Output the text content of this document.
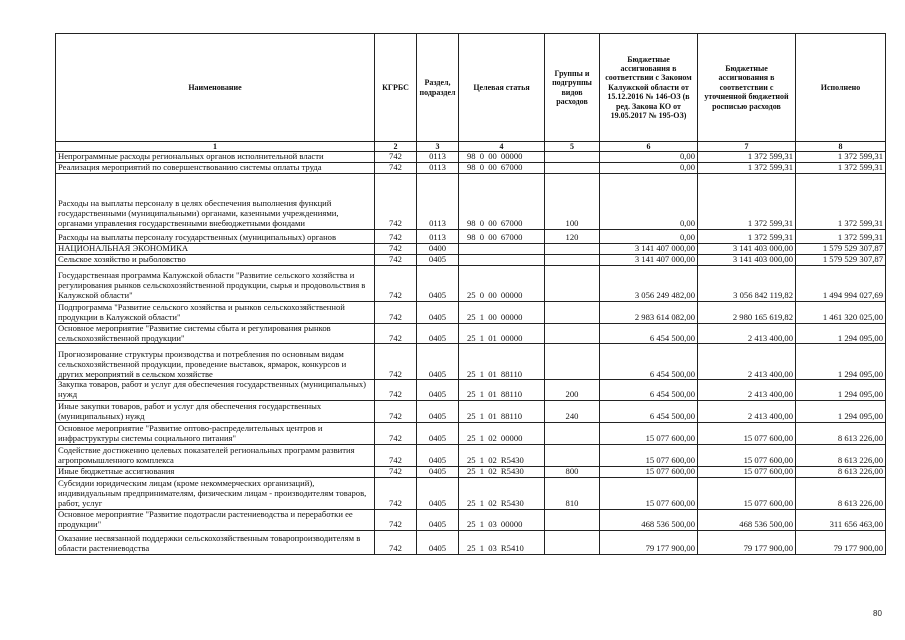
Наименование	КГРБС	Раздел, подраздел	Целевая статья	Группы и подгруппы видов расходов	Бюджетные ассигнования в соответствии с Законом Калужской области от 15.12.2016 № 146-ОЗ (в ред. Закона КО от 19.05.2017 № 195-ОЗ)	Бюджетные ассигнования в соответствии с уточненной бюджетной росписью расходов	Исполнено
1	2	3	4	5	6	7	8
Непрограммные расходы региональных органов исполнительной власти	742	0113	98 0 00 00000		0,00	1 372 599,31	1 372 599,31
Реализация мероприятий по совершенствованию системы оплаты труда	742	0113	98 0 00 67000		0,00	1 372 599,31	1 372 599,31
Расходы на выплаты персоналу в целях обеспечения выполнения функций государственными (муниципальными) органами, казенными учреждениями, органами управления государственными внебюджетными фондами	742	0113	98 0 00 67000	100	0,00	1 372 599,31	1 372 599,31
Расходы на выплаты персоналу государственных (муниципальных) органов	742	0113	98 0 00 67000	120	0,00	1 372 599,31	1 372 599,31
НАЦИОНАЛЬНАЯ ЭКОНОМИКА	742	0400			3 141 407 000,00	3 141 403 000,00	1 579 529 307,87
Сельское хозяйство и рыболовство	742	0405			3 141 407 000,00	3 141 403 000,00	1 579 529 307,87
Государственная программа Калужской области "Развитие сельского хозяйства и регулирования рынков сельскохозяйственной продукции, сырья и продовольствия в Калужской области"	742	0405	25 0 00 00000		3 056 249 482,00	3 056 842 119,82	1 494 994 027,69
Подпрограмма "Развитие сельского хозяйства и рынков сельскохозяйственной продукции в Калужской области"	742	0405	25 1 00 00000		2 983 614 082,00	2 980 165 619,82	1 461 320 025,00
Основное мероприятие "Развитие системы сбыта и регулирования рынков сельскохозяйственной продукции"	742	0405	25 1 01 00000		6 454 500,00	2 413 400,00	1 294 095,00
Прогнозирование структуры производства и потребления по основным видам сельскохозяйственной продукции, проведение выставок, ярмарок, конкурсов и других мероприятий в сельском хозяйстве	742	0405	25 1 01 88110		6 454 500,00	2 413 400,00	1 294 095,00
Закупка товаров, работ и услуг для обеспечения государственных (муниципальных) нужд	742	0405	25 1 01 88110	200	6 454 500,00	2 413 400,00	1 294 095,00
Иные закупки товаров, работ и услуг для обеспечения государственных (муниципальных) нужд	742	0405	25 1 01 88110	240	6 454 500,00	2 413 400,00	1 294 095,00
Основное мероприятие "Развитие оптово-распределительных центров и инфраструктуры системы социального питания"	742	0405	25 1 02 00000		15 077 600,00	15 077 600,00	8 613 226,00
Содействие достижению целевых показателей региональных программ развития агропромышленного комплекса	742	0405	25 1 02 R5430		15 077 600,00	15 077 600,00	8 613 226,00
Иные бюджетные ассигнования	742	0405	25 1 02 R5430	800	15 077 600,00	15 077 600,00	8 613 226,00
Субсидии юридическим лицам (кроме некоммерческих организаций), индивидуальным предпринимателям, физическим лицам - производителям товаров, работ, услуг	742	0405	25 1 02 R5430	810	15 077 600,00	15 077 600,00	8 613 226,00
Основное мероприятие "Развитие подотрасли растениеводства и переработки ее продукции"	742	0405	25 1 03 00000		468 536 500,00	468 536 500,00	311 656 463,00
Оказание несвязанной поддержки сельскохозяйственным товаропроизводителям в области растениеводства	742	0405	25 1 03 R5410		79 177 900,00	79 177 900,00	79 177 900,00
80
